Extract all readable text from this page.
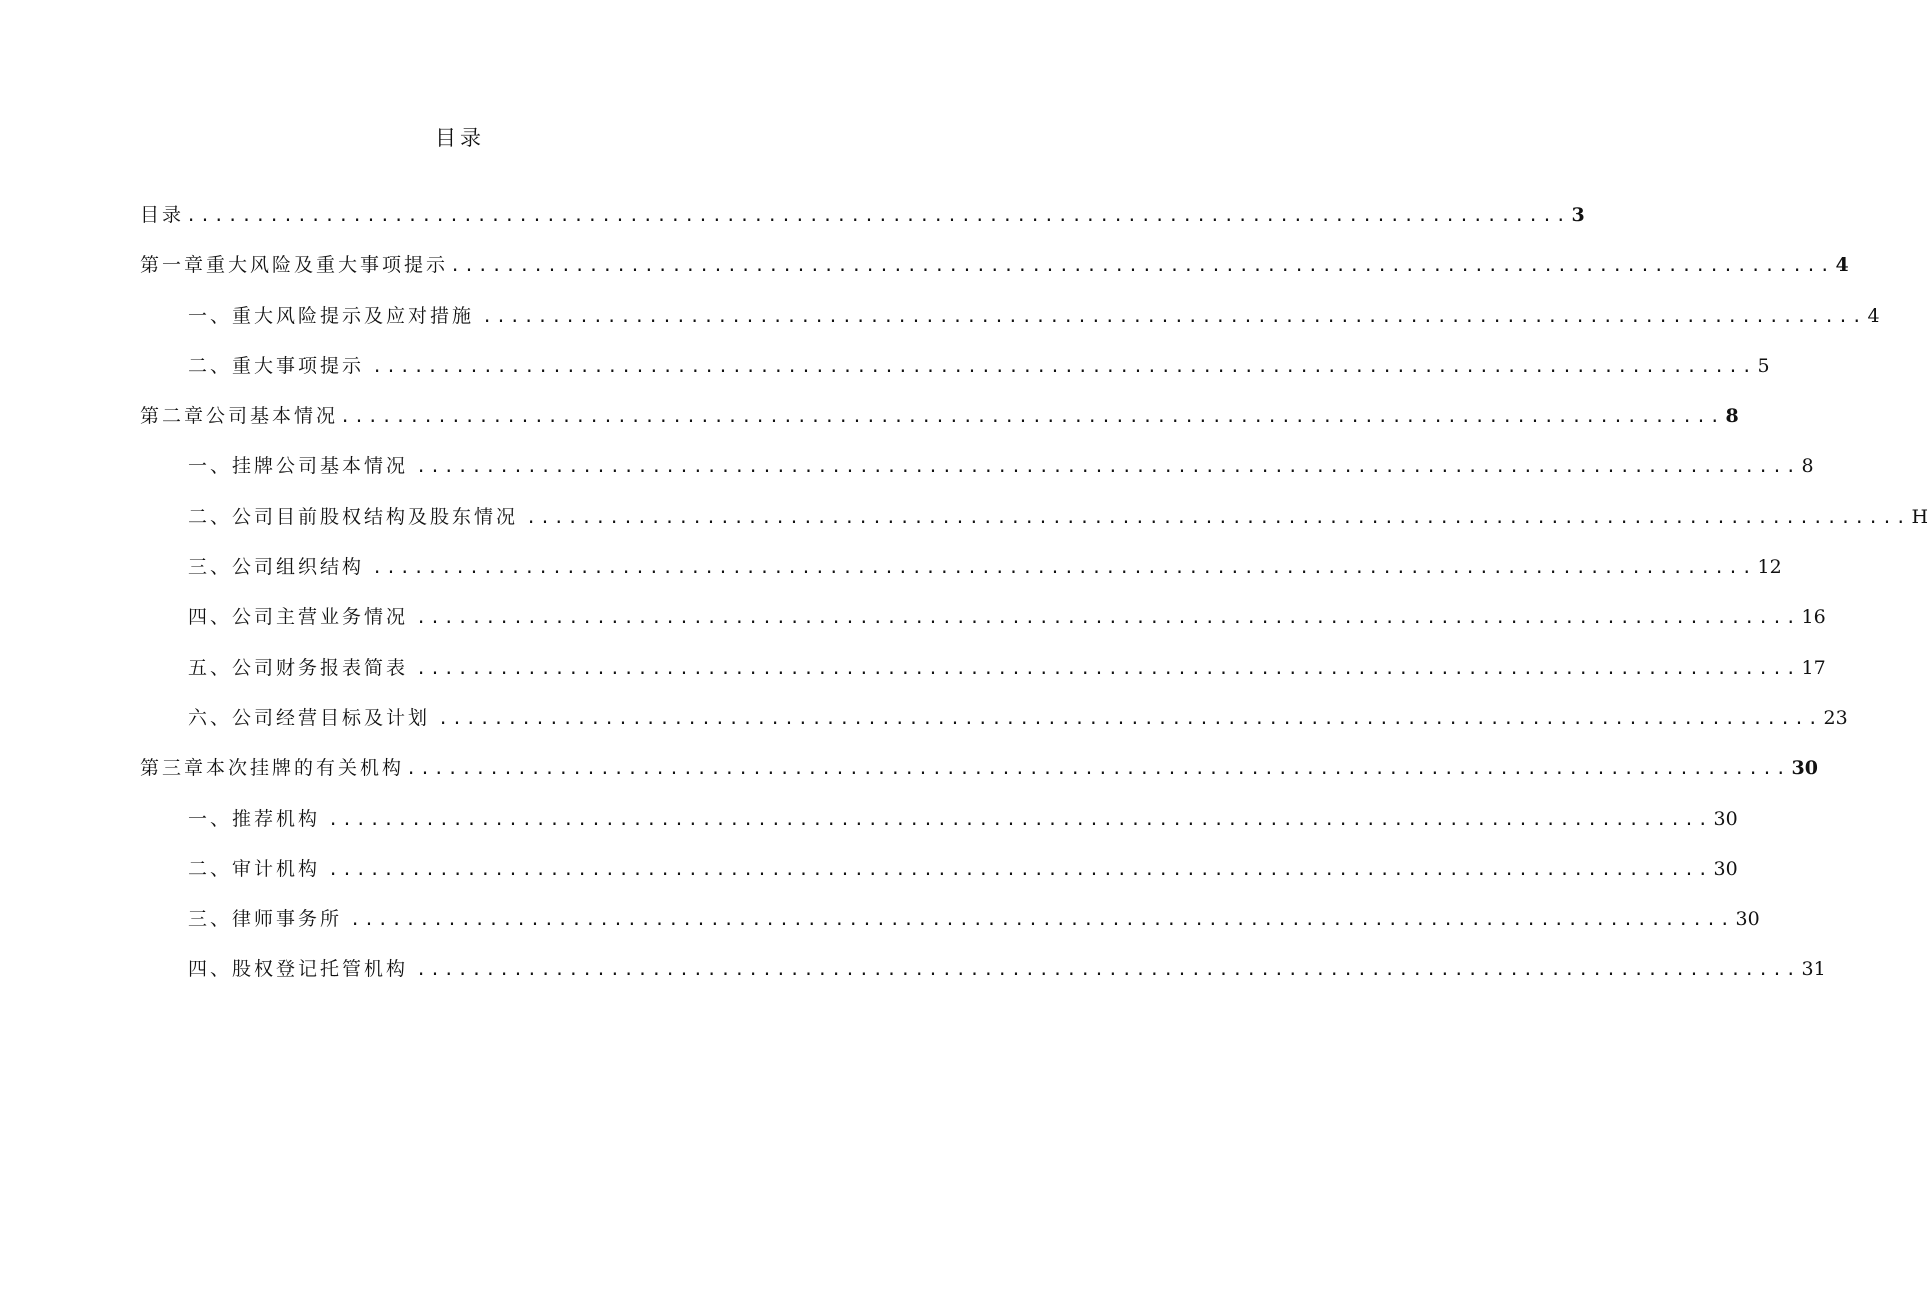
目录
目录 .................................................................................................... 3
第一章重大风险及重大事项提示 .................................................................................................... 4
一、重大风险提示及应对措施 .................................................................................................... 4
二、重大事项提示 .................................................................................................... 5
第二章公司基本情况 .................................................................................................... 8
一、挂牌公司基本情况 .................................................................................................... 8
二、公司目前股权结构及股东情况 .................................................................................................... H
三、公司组织结构 .................................................................................................... 12
四、公司主营业务情况 .................................................................................................... 16
五、公司财务报表简表 .................................................................................................... 17
六、公司经营目标及计划 .................................................................................................... 23
第三章本次挂牌的有关机构 .................................................................................................... 30
一、推荐机构 .................................................................................................... 30
二、审计机构 .................................................................................................... 30
三、律师事务所 .................................................................................................... 30
四、股权登记托管机构 .................................................................................................... 31
